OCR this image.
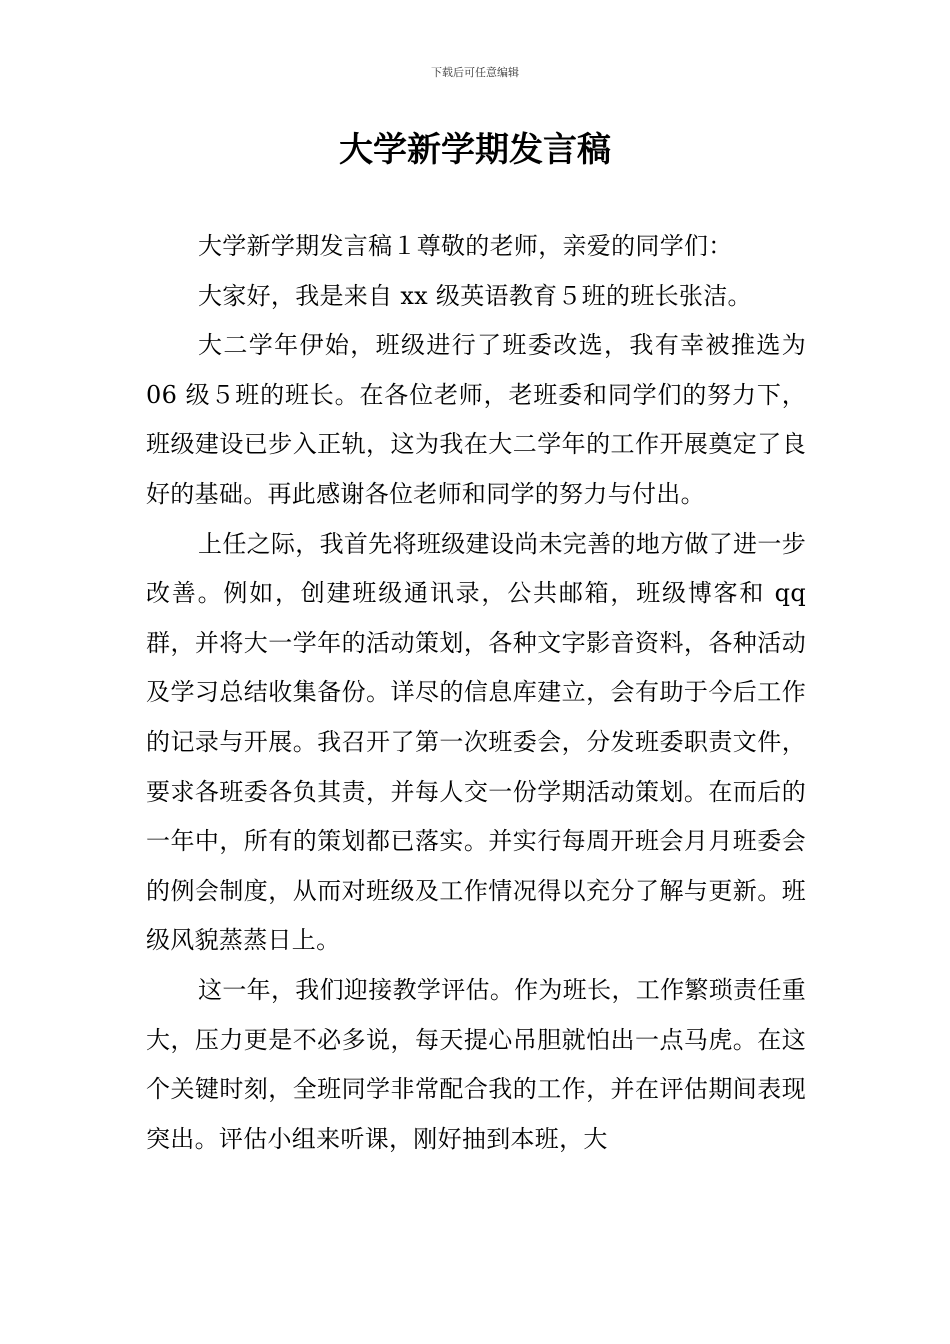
下载后可任意编辑
大学新学期发言稿

大学新学期发言稿１尊敬的老师，亲爱的同学们：

大家好，我是来自 xx 级英语教育５班的班长张洁。

大二学年伊始，班级进行了班委改选，我有幸被推选为06 级５班的班长。在各位老师，老班委和同学们的努力下，班级建设已步入正轨，这为我在大二学年的工作开展奠定了良好的基础。再此感谢各位老师和同学的努力与付出。

上任之际，我首先将班级建设尚未完善的地方做了进一步改善。例如，创建班级通讯录，公共邮箱，班级博客和 qq 群，并将大一学年的活动策划，各种文字影音资料，各种活动及学习总结收集备份。详尽的信息库建立，会有助于今后工作的记录与开展。我召开了第一次班委会，分发班委职责文件，要求各班委各负其责，并每人交一份学期活动策划。在而后的一年中，所有的策划都已落实。并实行每周开班会月月班委会的例会制度，从而对班级及工作情况得以充分了解与更新。班级风貌蒸蒸日上。

这一年，我们迎接教学评估。作为班长，工作繁琐责任重大，压力更是不必多说，每天提心吊胆就怕出一点马虎。在这个关键时刻，全班同学非常配合我的工作，并在评估期间表现突出。评估小组来听课，刚好抽到本班，大
